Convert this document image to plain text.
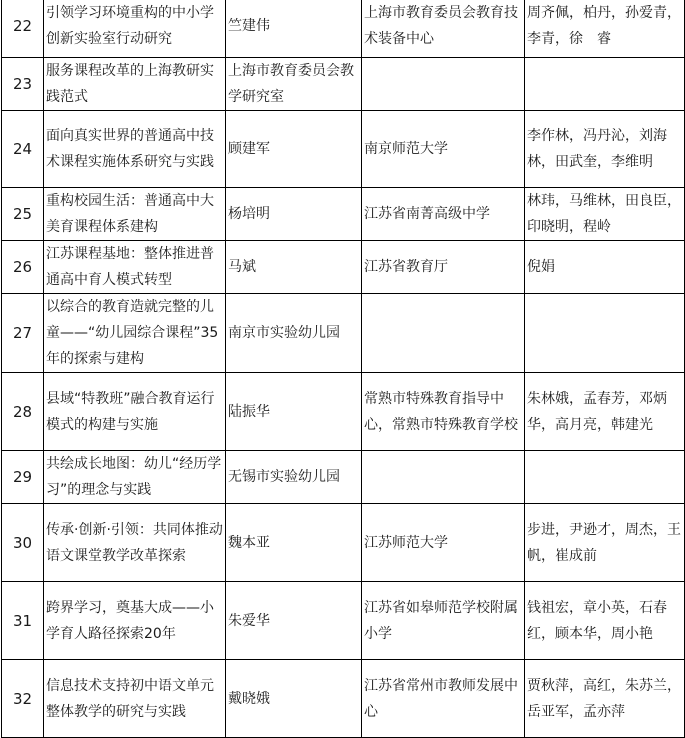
22	引领学习环境重构的中小学创新实验室行动研究	竺建伟	上海市教育委员会教育技术装备中心	周齐佩，柏丹，孙爱青，李青，徐　睿
23	服务课程改革的上海教研实践范式	上海市教育委员会教学研究室		
24	面向真实世界的普通高中技术课程实施体系研究与实践	顾建军	南京师范大学	李作林，冯丹沁，刘海林，田武奎，李维明
25	重构校园生活：普通高中大美育课程体系建构	杨培明	江苏省南菁高级中学	林玮，马维林，田良臣，印晓明，程岭
26	江苏课程基地：整体推进普通高中育人模式转型	马斌	江苏省教育厅	倪娟
27	以综合的教育造就完整的儿童——“幼儿园综合课程”35年的探索与建构	南京市实验幼儿园		
28	县域“特教班”融合教育运行模式的构建与实施	陆振华	常熟市特殊教育指导中心，常熟市特殊教育学校	朱林娥，孟春芳，邓炳华，高月亮，韩建光
29	共绘成长地图：幼儿“经历学习”的理念与实践	无锡市实验幼儿园		
30	传承·创新·引领：共同体推动语文课堂教学改革探索	魏本亚	江苏师范大学	步进，尹逊才，周杰，王帆，崔成前
31	跨界学习，奠基大成——小学育人路径探索20年	朱爱华	江苏省如皋师范学校附属小学	钱祖宏，章小英，石春红，顾本华，周小艳
32	信息技术支持初中语文单元整体教学的研究与实践	戴晓娥	江苏省常州市教师发展中心	贾秋萍，高红，朱苏兰，岳亚军，孟亦萍
